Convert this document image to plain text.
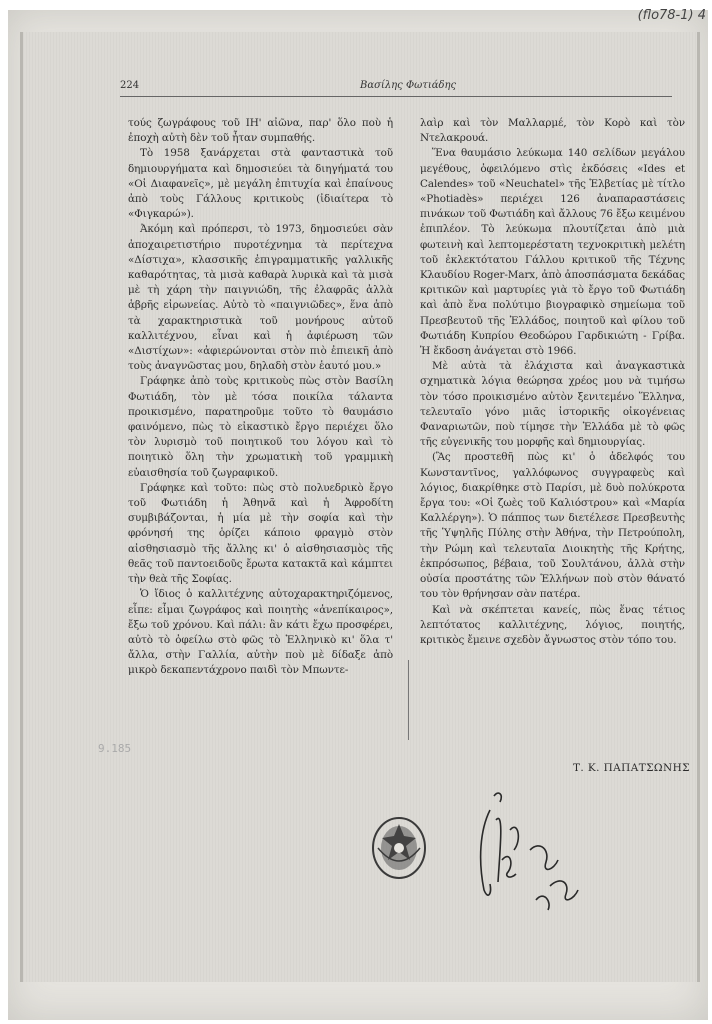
(flo78-1) 4
224	Βασίλης Φωτιάδης

τούς ζωγράφους τοῦ ΙΗ' αἰῶνα, παρ' ὅλο ποὺ ἡ ἐποχὴ αὐτὴ δὲν τοῦ ἦταν συμπαθής.

Τὸ 1958 ξανάρχεται στὰ φανταστικὰ τοῦ δημιουργήματα καὶ δημοσιεύει τὰ διηγήματά του «Οἱ Διαφανεῖς», μὲ μεγάλη ἐπιτυχία καὶ ἐπαίνους ἀπὸ τοὺς Γάλλους κριτικοὺς (ἰδιαίτερα τὸ «Φιγκαρώ»).

Ἀκόμη καὶ πρόπερσι, τὸ 1973, δημοσιεύει σὰν ἀποχαιρετιστήριο πυροτέχνημα τὰ περίτεχνα «Δίστιχα», κλασσικῆς ἐπιγραμματικῆς γαλλικῆς καθαρότητας, τὰ μισὰ καθαρὰ λυρικὰ καὶ τὰ μισὰ μὲ τὴ χάρη τὴν παιγνιώδη, τῆς ἐλαφρᾶς ἀλλὰ ἁβρῆς εἰρωνείας. Αὐτὸ τὸ «παιγνιῶδες», ἕνα ἀπὸ τὰ χαρακτηριστικὰ τοῦ μονήρους αὐτοῦ καλλιτέχνου, εἶναι καὶ ἡ ἀφιέρωση τῶν «Διστίχων»: «ἀφιερώνονται στὸν πιὸ ἐπιεικῆ ἀπὸ τοὺς ἀναγνῶστας μου, δηλαδὴ στὸν ἑαυτό μου.»

Γράφηκε ἀπὸ τοὺς κριτικοὺς πὼς στὸν Βασίλη Φωτιάδη, τὸν μὲ τόσα ποικίλα τάλαντα προικισμένο, παρατηροῦμε τοῦτο τὸ θαυμάσιο φαινόμενο, πὼς τὸ εἰκαστικὸ ἔργο περιέχει ὅλο τὸν λυρισμὸ τοῦ ποιητικοῦ του λόγου καὶ τὸ ποιητικὸ ὅλη τὴν χρωματικὴ τοῦ γραμμικὴ εὐαισθησία τοῦ ζωγραφικοῦ.

Γράφηκε καὶ τοῦτο: πὼς στὸ πολυεδρικὸ ἔργο τοῦ Φωτιάδη ἡ Ἀθηνᾶ καὶ ἡ Ἀφροδίτη συμβιβάζονται, ἡ μία μὲ τὴν σοφία καὶ τὴν φρόνησή της ὁρίζει κάποιο φραγμὸ στὸν αἰσθησιασμὸ τῆς ἄλλης κι' ὁ αἰσθησιασμὸς τῆς θεᾶς τοῦ παντοειδοῦς ἔρωτα κατακτᾶ καὶ κάμπτει τὴν θεὰ τῆς Σοφίας.

Ὁ ἴδιος ὁ καλλιτέχνης αὐτοχαρακτηριζόμενος, εἶπε: εἶμαι ζωγράφος καὶ ποιητὴς «ἀνεπίκαιρος», ἔξω τοῦ χρόνου. Καὶ πάλι: ἂν κάτι ἔχω προσφέρει, αὐτὸ τὸ ὀφείλω στὸ φῶς τὸ Ἑλληνικὸ κι' ὅλα τ' ἄλλα, στὴν Γαλλία, αὐτὴν ποὺ μὲ δίδαξε ἀπὸ μικρὸ δεκαπεντάχρονο παιδὶ τὸν Μπωντε-

λαὶρ καὶ τὸν Μαλλαρμέ, τὸν Κορὸ καὶ τὸν Ντελακρουά.

Ἕνα θαυμάσιο λεύκωμα 140 σελίδων μεγάλου μεγέθους, ὀφειλόμενο στὶς ἐκδόσεις «Ides et Calendes» τοῦ «Neuchatel» τῆς Ἑλβετίας μὲ τίτλο «Photiadès» περιέχει 126 ἀναπαραστάσεις πινάκων τοῦ Φωτιάδη καὶ ἄλλους 76 ἔξω κειμένου ἐπιπλέον. Τὸ λεύκωμα πλουτίζεται ἀπὸ μιὰ φωτεινὴ καὶ λεπτομερέστατη τεχνοκριτικὴ μελέτη τοῦ ἐκλεκτότατου Γάλλου κριτικοῦ τῆς Τέχνης Κλαυδίου Roger-Marx, ἀπὸ ἀποσπάσματα δεκάδας κριτικῶν καὶ μαρτυρίες γιὰ τὸ ἔργο τοῦ Φωτιάδη καὶ ἀπὸ ἕνα πολύτιμο βιογραφικὸ σημείωμα τοῦ Πρεσβευτοῦ τῆς Ἑλλάδος, ποιητοῦ καὶ φίλου τοῦ Φωτιάδη Κυπρίου Θεοδώρου Γαρδικιώτη - Γρίβα. Ἡ ἔκδοση ἀνάγεται στὸ 1966.

Μὲ αὐτὰ τὰ ἐλάχιστα καὶ ἀναγκαστικὰ σχηματικὰ λόγια θεώρησα χρέος μου νὰ τιμήσω τὸν τόσο προικισμένο αὐτὸν ξενιτεμένο Ἕλληνα, τελευταῖο γόνο μιᾶς ἱστορικῆς οἰκογένειας Φαναριωτῶν, ποὺ τίμησε τὴν Ἑλλάδα μὲ τὸ φῶς τῆς εὐγενικῆς του μορφῆς καὶ δημιουργίας.

(Ἂς προστεθῆ πὼς κι' ὁ ἀδελφός του Κωνσταντῖνος, γαλλόφωνος συγγραφεὺς καὶ λόγιος, διακρίθηκε στὸ Παρίσι, μὲ δυὸ πολύκροτα ἔργα του: «Οἱ ζωὲς τοῦ Καλιόστρου» καὶ «Μαρία Καλλέργη»). Ὁ πάππος των διετέλεσε Πρεσβευτὴς τῆς Ὑψηλῆς Πύλης στὴν Ἀθήνα, τὴν Πετρούπολη, τὴν Ρώμη καὶ τελευταῖα Διοικητὴς τῆς Κρήτης, ἐκπρόσωπος, βέβαια, τοῦ Σουλτάνου, ἀλλὰ στὴν οὐσία προστάτης τῶν Ἑλλήνων ποὺ στὸν θάνατό του τὸν θρήνησαν σὰν πατέρα.

Καὶ νὰ σκέπτεται κανείς, πὼς ἕνας τέτιος λεπτότατος καλλιτέχνης, λόγιος, ποιητής, κριτικὸς ἔμεινε σχεδὸν ἄγνωστος στὸν τόπο του.

9.185
Τ. Κ. ΠΑΠΑΤΣΩΝΗΣ
